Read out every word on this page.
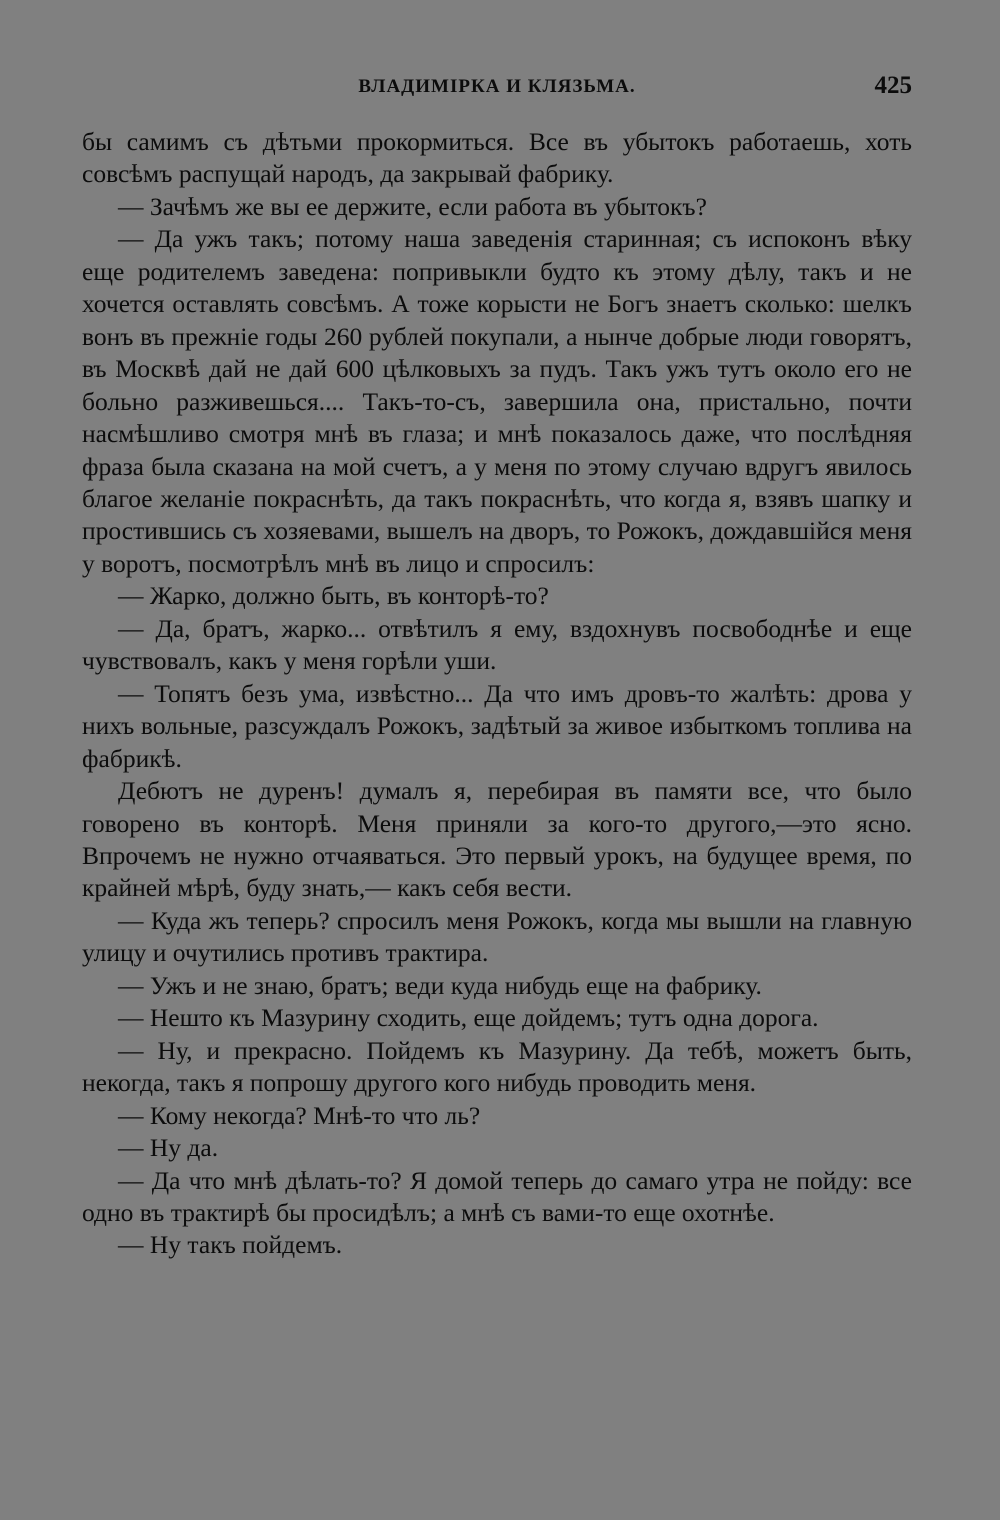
ВЛАДИМІРКА И КЛЯЗЬМА.	425

бы самимъ съ дѣтьми прокормиться. Все въ убытокъ работаешь, хоть совсѣмъ распущай народъ, да закрывай фабрику.

— Зачѣмъ же вы ее держите, если работа въ убытокъ?

— Да ужъ такъ; потому наша заведенія старинная; съ испоконъ вѣку еще родителемъ заведена: попривыкли будто къ этому дѣлу, такъ и не хочется оставлять совсѣмъ. А тоже корысти не Богъ знаетъ сколько: шелкъ вонъ въ прежніе годы 260 рублей покупали, а нынче добрые люди говорятъ, въ Москвѣ дай не дай 600 цѣлковыхъ за пудъ. Такъ ужъ тутъ около его не больно разживешься.... Такъ-то-съ, завершила она, пристально, почти насмѣшливо смотря мнѣ въ глаза; и мнѣ показалось даже, что послѣдняя фраза была сказана на мой счетъ, а у меня по этому случаю вдругъ явилось благое желаніе покраснѣть, да такъ покраснѣть, что когда я, взявъ шапку и простившись съ хозяевами, вышелъ на дворъ, то Рожокъ, дождавшійся меня у воротъ, посмотрѣлъ мнѣ въ лицо и спросилъ:

— Жарко, должно быть, въ конторѣ-то?

— Да, братъ, жарко... отвѣтилъ я ему, вздохнувъ посвободнѣе и еще чувствовалъ, какъ у меня горѣли уши.

— Топятъ безъ ума, извѣстно... Да что имъ дровъ-то жалѣть: дрова у нихъ вольные, разсуждалъ Рожокъ, задѣтый за живое избыткомъ топлива на фабрикѣ.

Дебютъ не дуренъ! думалъ я, перебирая въ памяти все, что было говорено въ конторѣ. Меня приняли за кого-то другого,—это ясно. Впрочемъ не нужно отчаяваться. Это первый урокъ, на будущее время, по крайней мѣрѣ, буду знать,— какъ себя вести.

— Куда жъ теперь? спросилъ меня Рожокъ, когда мы вышли на главную улицу и очутились противъ трактира.

— Ужъ и не знаю, братъ; веди куда нибудь еще на фабрику.

— Нешто къ Мазурину сходить, еще дойдемъ; тутъ одна дорога.

— Ну, и прекрасно. Пойдемъ къ Мазурину. Да тебѣ, можетъ быть, некогда, такъ я попрошу другого кого нибудь проводить меня.

— Кому некогда? Мнѣ-то что ль?

— Ну да.

— Да что мнѣ дѣлать-то? Я домой теперь до самаго утра не пойду: все одно въ трактирѣ бы просидѣлъ; а мнѣ съ вами-то еще охотнѣе.

— Ну такъ пойдемъ.
